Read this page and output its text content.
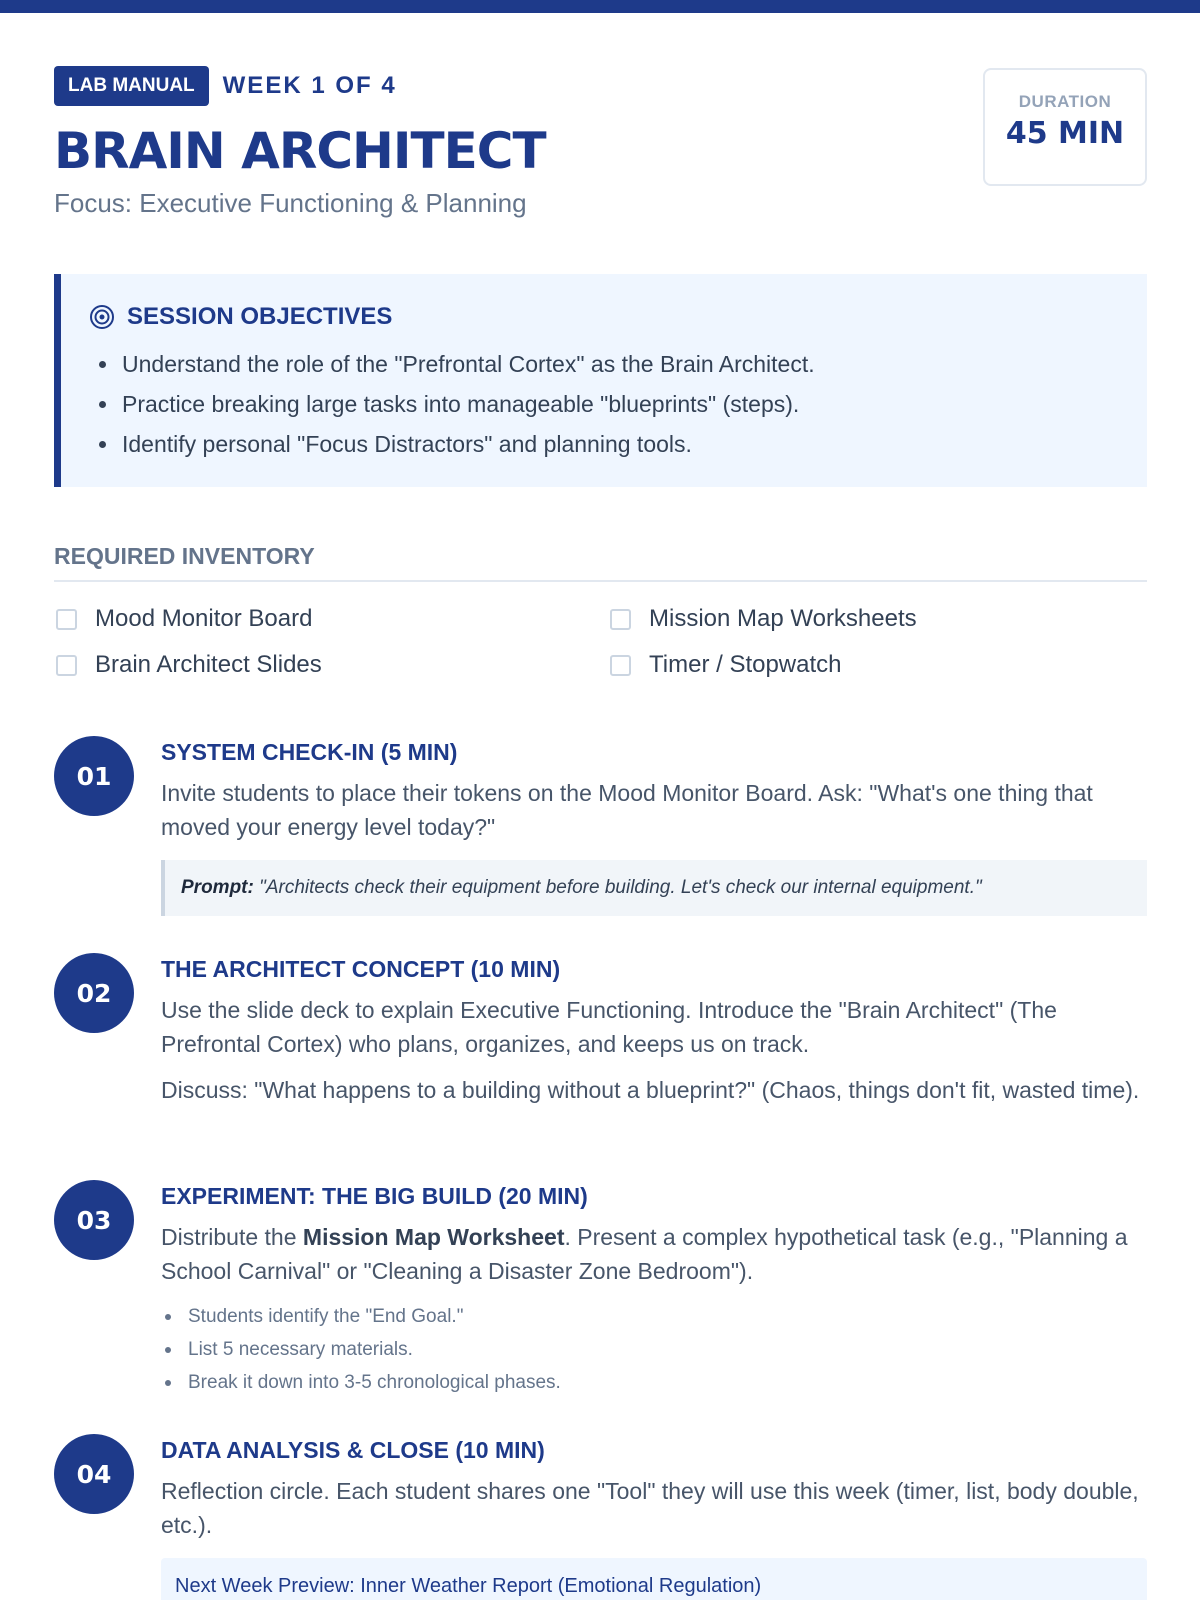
LAB MANUAL	WEEK 1 OF 4
BRAIN ARCHITECT
Focus: Executive Functioning & Planning
DURATION
45 MIN
SESSION OBJECTIVES
Understand the role of the "Prefrontal Cortex" as the Brain Architect.
Practice breaking large tasks into manageable "blueprints" (steps).
Identify personal "Focus Distractors" and planning tools.
REQUIRED INVENTORY
Mood Monitor Board	Mission Map Worksheets
Brain Architect Slides	Timer / Stopwatch
01
SYSTEM CHECK-IN (5 MIN)

Invite students to place their tokens on the Mood Monitor Board. Ask: "What's one thing that moved your energy level today?"

Prompt: "Architects check their equipment before building. Let's check our internal equipment."
02
THE ARCHITECT CONCEPT (10 MIN)

Use the slide deck to explain Executive Functioning. Introduce the "Brain Architect" (The Prefrontal Cortex) who plans, organizes, and keeps us on track.

Discuss: "What happens to a building without a blueprint?" (Chaos, things don't fit, wasted time).

03
EXPERIMENT: THE BIG BUILD (20 MIN)

Distribute the Mission Map Worksheet. Present a complex hypothetical task (e.g., "Planning a School Carnival" or "Cleaning a Disaster Zone Bedroom").

Students identify the "End Goal."
List 5 necessary materials.
Break it down into 3-5 chronological phases.
04
DATA ANALYSIS & CLOSE (10 MIN)

Reflection circle. Each student shares one "Tool" they will use this week (timer, list, body double, etc.).

Next Week Preview: Inner Weather Report (Emotional Regulation)
